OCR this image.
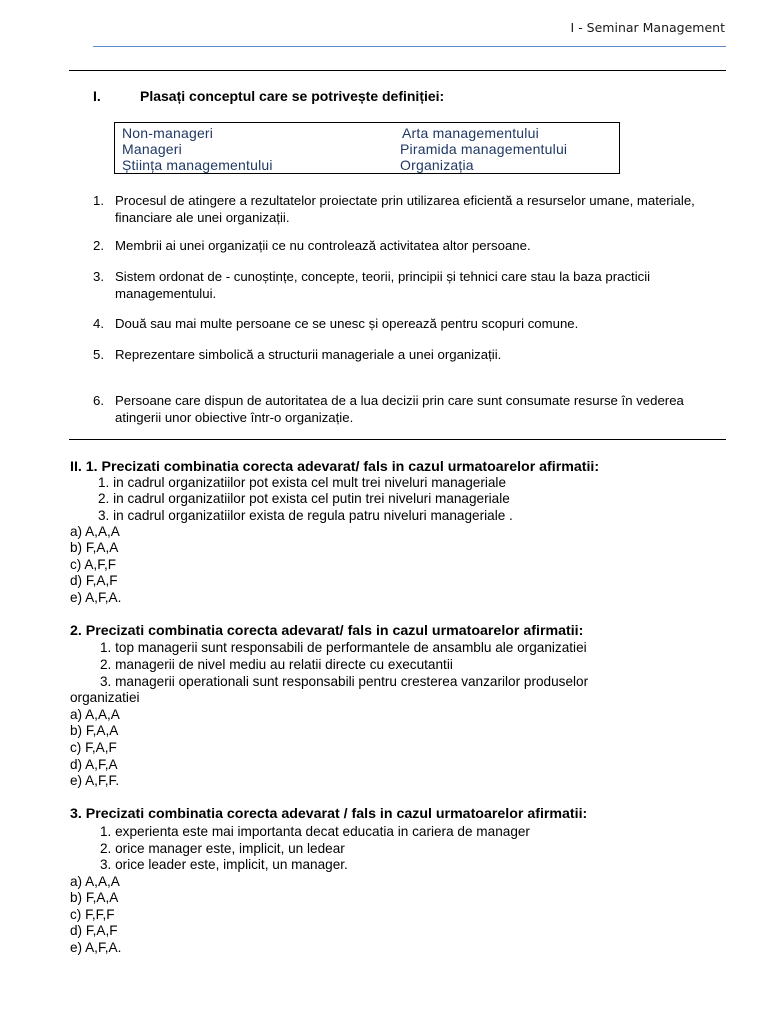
I - Seminar Management
I.	Plasați conceptul care se potrivește definiției:
Non-manageri
Manageri
Știința managementului
Arta managementului
Piramida managementului
Organizația
1. Procesul de atingere a rezultatelor proiectate prin utilizarea eficientă a resurselor umane, materiale, financiare ale unei organizații.
2. Membrii ai unei organizații ce nu controlează activitatea altor persoane.
3. Sistem ordonat de - cunoștințe, concepte, teorii, principii și tehnici care stau la baza practicii managementului.
4. Două sau mai multe persoane ce se unesc și operează pentru scopuri comune.
5. Reprezentare simbolică a structurii manageriale a unei organizații.
6. Persoane care dispun de autoritatea de a lua decizii prin care sunt consumate resurse în vederea atingerii unor obiective într-o organizație.
II. 1. Precizati combinatia corecta adevarat/ fals in cazul urmatoarelor afirmatii:
1. in cadrul organizatiilor pot exista cel mult trei niveluri manageriale
2. in cadrul organizatiilor pot exista cel putin trei niveluri manageriale
3. in cadrul organizatiilor exista de regula patru niveluri manageriale .
a) A,A,A
b) F,A,A
c) A,F,F
d) F,A,F
e) A,F,A.
2. Precizati combinatia corecta adevarat/ fals in cazul urmatoarelor afirmatii:
1. top managerii sunt responsabili de performantele de ansamblu ale organizatiei
2. managerii de nivel mediu au relatii directe cu executantii
3. managerii operationali sunt responsabili pentru cresterea vanzarilor produselor
organizatiei
a) A,A,A
b) F,A,A
c) F,A,F
d) A,F,A
e) A,F,F.
3. Precizati combinatia corecta adevarat / fals in cazul urmatoarelor afirmatii:
1. experienta este mai importanta decat educatia in cariera de manager
2. orice manager este, implicit, un ledear
3. orice leader este, implicit, un manager.
a) A,A,A
b) F,A,A
c) F,F,F
d) F,A,F
e) A,F,A.
